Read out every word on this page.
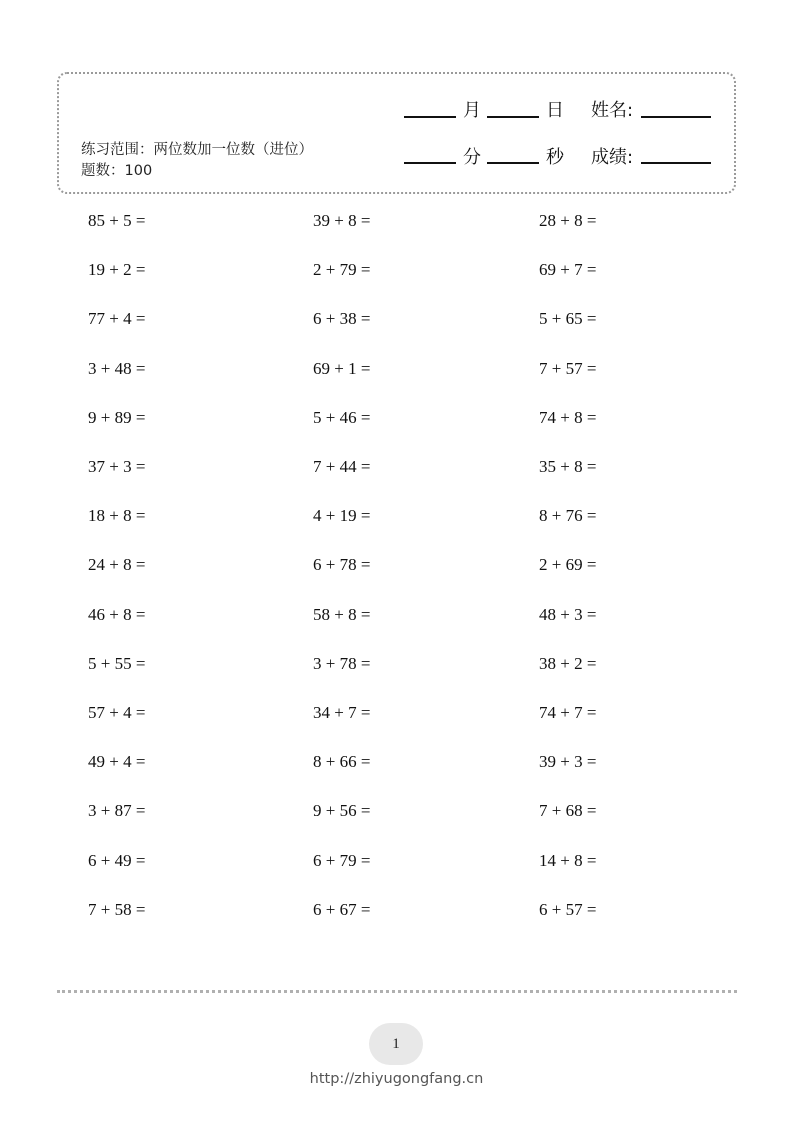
月	日 姓名:
分	秒 成绩:
练习范围：两位数加一位数（进位） 题数：100
85 + 5 =	39 + 8 =	28 + 8 =
19 + 2 =	2 + 79 =	69 + 7 =
77 + 4 =	6 + 38 =	5 + 65 =
3 + 48 =	69 + 1 =	7 + 57 =
9 + 89 =	5 + 46 =	74 + 8 =
37 + 3 =	7 + 44 =	35 + 8 =
18 + 8 =	4 + 19 =	8 + 76 =
24 + 8 =	6 + 78 =	2 + 69 =
46 + 8 =	58 + 8 =	48 + 3 =
5 + 55 =	3 + 78 =	38 + 2 =
57 + 4 =	34 + 7 =	74 + 7 =
49 + 4 =	8 + 66 =	39 + 3 =
3 + 87 =	9 + 56 =	7 + 68 =
6 + 49 =	6 + 79 =	14 + 8 =
7 + 58 =	6 + 67 =	6 + 57 =
1
http://zhiyugongfang.cn
